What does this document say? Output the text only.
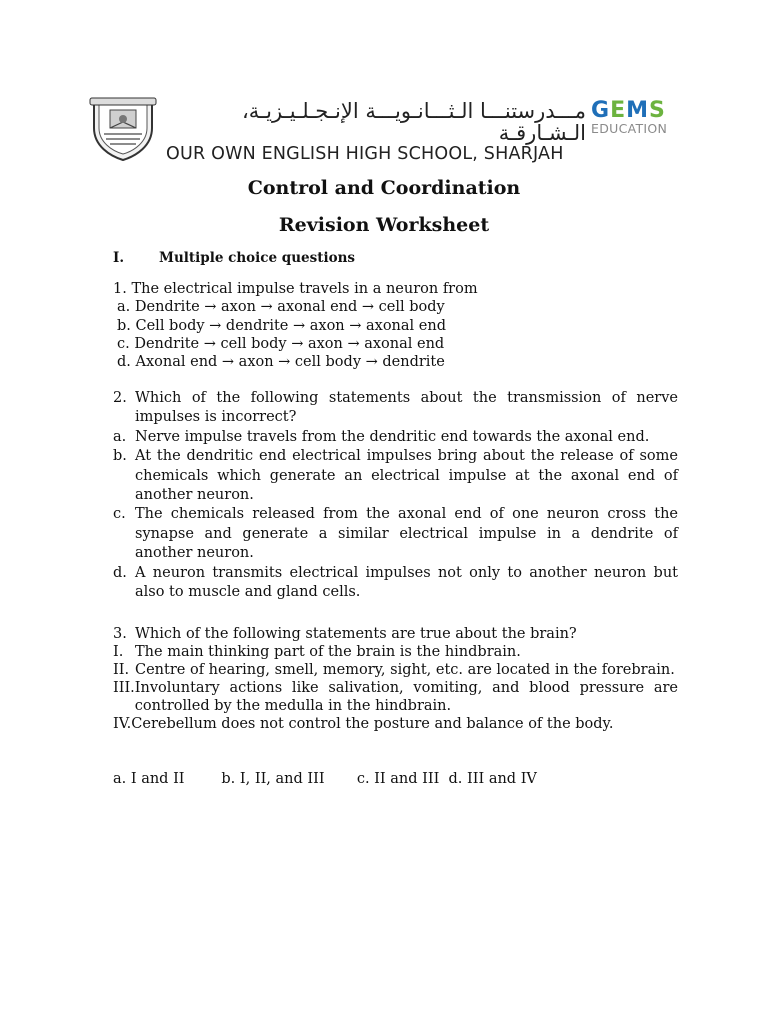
مـــدرستنـــا الـثـــانـويـــة الإنـجـلـيـزيـة، الـشـارقـة
OUR OWN ENGLISH HIGH SCHOOL, SHARJAH
GEMS
EDUCATION
Control and Coordination
Revision Worksheet
I.	Multiple choice questions
1. The electrical impulse travels in a neuron from
a. Dendrite → axon → axonal end → cell body
b. Cell body → dendrite → axon → axonal end
c. Dendrite → cell body → axon → axonal end
d. Axonal end → axon → cell body → dendrite
2. Which of the following statements about the transmission of nerve impulses is incorrect?
a. Nerve impulse travels from the dendritic end towards the axonal end.
b. At the dendritic end electrical impulses bring about the release of some chemicals which generate an electrical impulse at the axonal end of another neuron.
c. The chemicals released from the axonal end of one neuron cross the synapse and generate a similar electrical impulse in a dendrite of another neuron.
d. A neuron transmits electrical impulses not only to another neuron but also to muscle and gland cells.
3. Which of the following statements are true about the brain?
I. The main thinking part of the brain is the hindbrain.
II. Centre of hearing, smell, memory, sight, etc. are located in the forebrain.
III. Involuntary actions like salivation, vomiting, and blood pressure are controlled by the medulla in the hindbrain.
IV. Cerebellum does not control the posture and balance of the body.
a. I and II        b. I, II, and III       c. II and III  d. III and IV
